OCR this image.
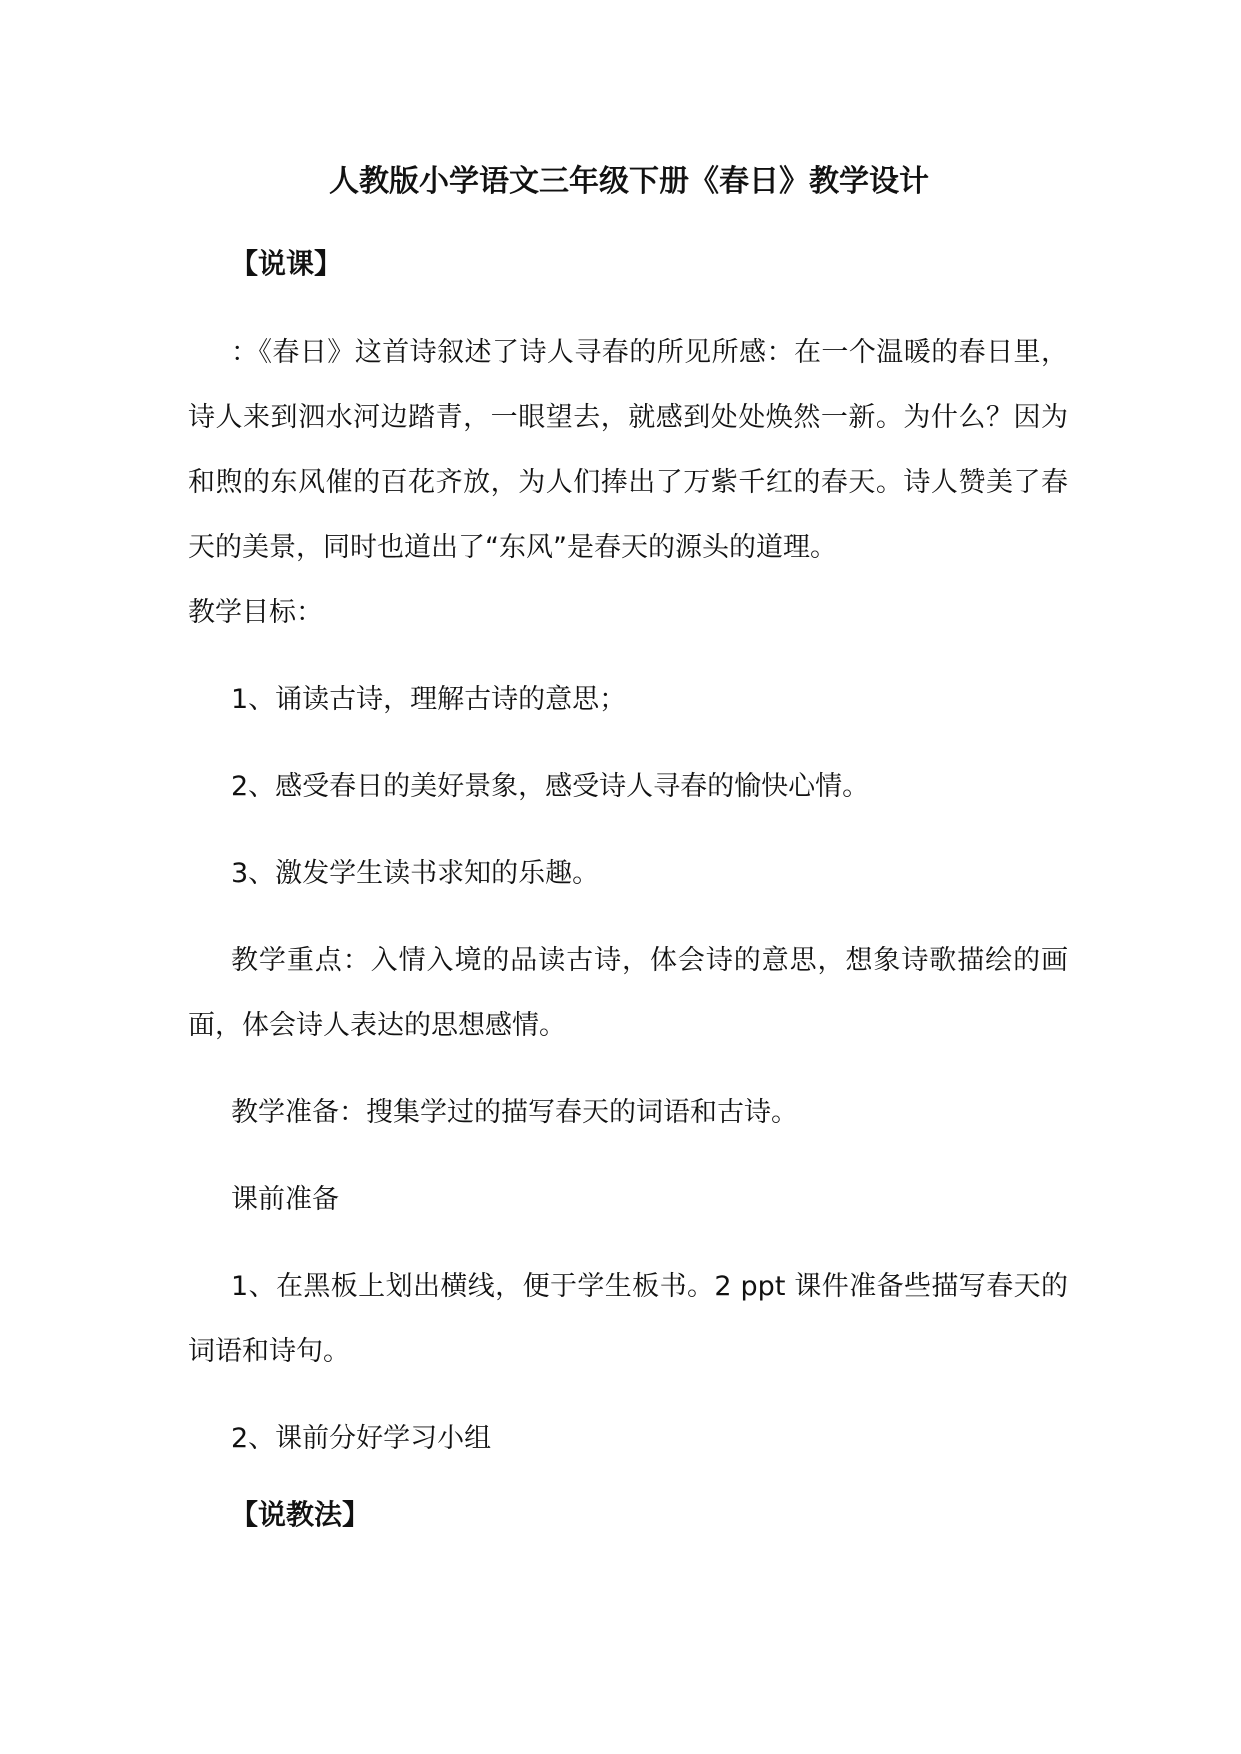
人教版小学语文三年级下册《春日》教学设计
【说课】
：《春日》这首诗叙述了诗人寻春的所见所感：在一个温暖的春日里，诗人来到泗水河边踏青，一眼望去，就感到处处焕然一新。为什么？因为和煦的东风催的百花齐放，为人们捧出了万紫千红的春天。诗人赞美了春天的美景，同时也道出了“东风”是春天的源头的道理。
教学目标：
1、诵读古诗，理解古诗的意思；
2、感受春日的美好景象，感受诗人寻春的愉快心情。
3、激发学生读书求知的乐趣。
教学重点：入情入境的品读古诗，体会诗的意思，想象诗歌描绘的画面，体会诗人表达的思想感情。
教学准备：搜集学过的描写春天的词语和古诗。
课前准备
1、在黑板上划出横线，便于学生板书。2 ppt 课件准备些描写春天的词语和诗句。
2、课前分好学习小组
【说教法】
